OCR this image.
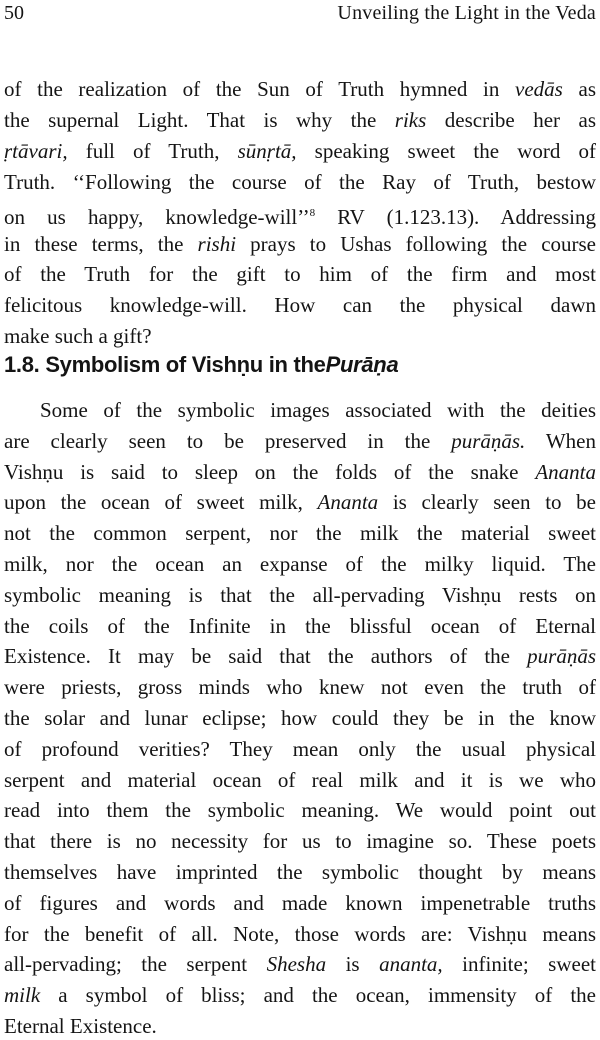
50	Unveiling the Light in the Veda
of the realization of the Sun of Truth hymned in vedās as
the supernal Light. That is why the riks describe her as
ṛtāvari, full of Truth, sūnṛtā, speaking sweet the word of
Truth. ‘‘Following the course of the Ray of Truth, bestow
on us happy, knowledge-will’’$^8$ RV (1.123.13). Addressing
in these terms, the rishi prays to Ushas following the course
of the Truth for the gift to him of the firm and most
felicitous knowledge-will. How can the physical dawn
make such a gift?
1.8. Symbolism of Vishṇu in thePurāṇa
Some of the symbolic images associated with the deities
are clearly seen to be preserved in the purāṇās. When
Vishṇu is said to sleep on the folds of the snake Ananta
upon the ocean of sweet milk, Ananta is clearly seen to be
not the common serpent, nor the milk the material sweet
milk, nor the ocean an expanse of the milky liquid. The
symbolic meaning is that the all-pervading Vishṇu rests on
the coils of the Infinite in the blissful ocean of Eternal
Existence. It may be said that the authors of the purāṇās
were priests, gross minds who knew not even the truth of
the solar and lunar eclipse; how could they be in the know
of profound verities? They mean only the usual physical
serpent and material ocean of real milk and it is we who
read into them the symbolic meaning. We would point out
that there is no necessity for us to imagine so. These poets
themselves have imprinted the symbolic thought by means
of figures and words and made known impenetrable truths
for the benefit of all. Note, those words are: Vishṇu means
all-pervading; the serpent Shesha is ananta, infinite; sweet
milk a symbol of bliss; and the ocean, immensity of the
Eternal Existence.
